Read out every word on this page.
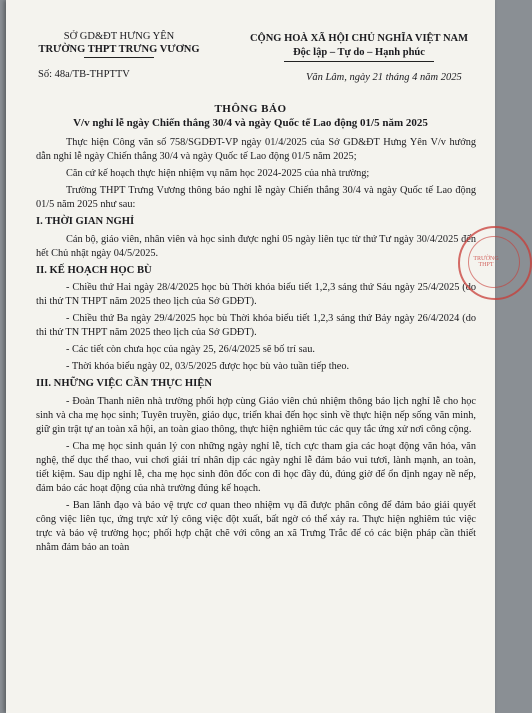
SỞ GD&ĐT HƯNG YÊN
TRƯỜNG THPT TRƯNG VƯƠNG
CỘNG HOÀ XÃ HỘI CHỦ NGHĨA VIỆT NAM
Độc lập – Tự do – Hạnh phúc
Số: 48a/TB-THPTTV	Văn Lâm, ngày 21 tháng 4 năm 2025
THÔNG BÁO
V/v nghỉ lễ ngày Chiến thắng 30/4 và ngày Quốc tế Lao động 01/5 năm 2025

Thực hiện Công văn số 758/SGDĐT-VP ngày 01/4/2025 của Sở GD&ĐT Hưng Yên V/v hướng dẫn nghỉ lễ ngày Chiến thắng 30/4 và ngày Quốc tế Lao động 01/5 năm 2025;

Căn cứ kế hoạch thực hiện nhiệm vụ năm học 2024-2025 của nhà trường;

Trường THPT Trưng Vương thông báo nghỉ lễ ngày Chiến thắng 30/4 và ngày Quốc tế Lao động 01/5 năm 2025 như sau:

I. THỜI GIAN NGHỈ

Cán bộ, giáo viên, nhân viên và học sinh được nghỉ 05 ngày liên tục từ thứ Tư ngày 30/4/2025 đến hết Chủ nhật ngày 04/5/2025.

II. KẾ HOẠCH HỌC BÙ

- Chiều thứ Hai ngày 28/4/2025 học bù Thời khóa biểu tiết 1,2,3 sáng thứ Sáu ngày 25/4/2025 (do thi thử TN THPT năm 2025 theo lịch của Sở GDĐT).

- Chiều thứ Ba ngày 29/4/2025 học bù Thời khóa biểu tiết 1,2,3 sáng thứ Bảy ngày 26/4/2024 (do thi thử TN THPT năm 2025 theo lịch của Sở GDĐT).

- Các tiết còn chưa học của ngày 25, 26/4/2025 sẽ bố trí sau.

- Thời khóa biểu ngày 02, 03/5/2025 được học bù vào tuần tiếp theo.

III. NHỮNG VIỆC CẦN THỰC HIỆN

- Đoàn Thanh niên nhà trường phối hợp cùng Giáo viên chủ nhiệm thông báo lịch nghỉ lễ cho học sinh và cha mẹ học sinh; Tuyên truyền, giáo dục, triển khai đến học sinh về thực hiện nếp sống văn minh, giữ gìn trật tự an toàn xã hội, an toàn giao thông, thực hiện nghiêm túc các quy tắc ứng xử nơi công cộng.

- Cha mẹ học sinh quản lý con những ngày nghỉ lễ, tích cực tham gia các hoạt động văn hóa, văn nghệ, thể dục thể thao, vui chơi giải trí nhân dịp các ngày nghỉ lễ đảm bảo vui tươi, lành mạnh, an toàn, tiết kiệm. Sau dịp nghỉ lễ, cha mẹ học sinh đôn đốc con đi học đầy đủ, đúng giờ để ổn định ngay nề nếp, đảm bảo các hoạt động của nhà trường đúng kế hoạch.

- Ban lãnh đạo và bảo vệ trực cơ quan theo nhiệm vụ đã được phân công để đảm bảo giải quyết công việc liên tục, ứng trực xử lý công việc đột xuất, bất ngờ có thể xảy ra. Thực hiện nghiêm túc việc trực và bảo vệ trường học; phối hợp chặt chẽ với công an xã Trưng Trắc để có các biện pháp cần thiết nhằm đảm bảo an toàn

TRƯỜNG THPT
